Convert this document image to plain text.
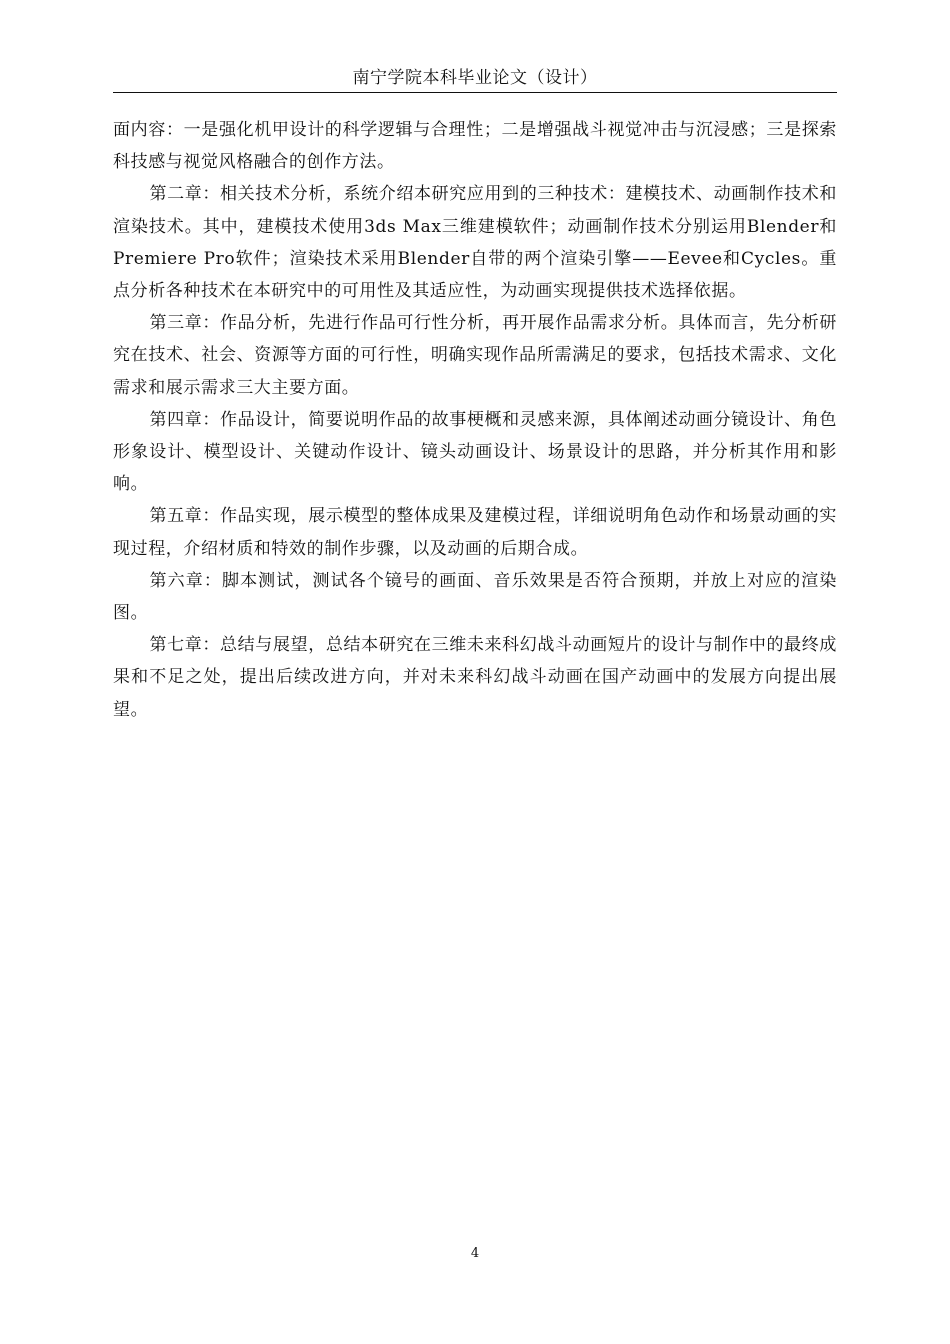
南宁学院本科毕业论文（设计）

面内容：一是强化机甲设计的科学逻辑与合理性；二是增强战斗视觉冲击与沉浸感；三是探索科技感与视觉风格融合的创作方法。

第二章：相关技术分析，系统介绍本研究应用到的三种技术：建模技术、动画制作技术和渲染技术。其中，建模技术使用3ds Max三维建模软件；动画制作技术分别运用Blender和Premiere Pro软件；渲染技术采用Blender自带的两个渲染引擎——Eevee和Cycles。重点分析各种技术在本研究中的可用性及其适应性，为动画实现提供技术选择依据。

第三章：作品分析，先进行作品可行性分析，再开展作品需求分析。具体而言，先分析研究在技术、社会、资源等方面的可行性，明确实现作品所需满足的要求，包括技术需求、文化需求和展示需求三大主要方面。

第四章：作品设计，简要说明作品的故事梗概和灵感来源，具体阐述动画分镜设计、角色形象设计、模型设计、关键动作设计、镜头动画设计、场景设计的思路，并分析其作用和影响。

第五章：作品实现，展示模型的整体成果及建模过程，详细说明角色动作和场景动画的实现过程，介绍材质和特效的制作步骤，以及动画的后期合成。

第六章：脚本测试，测试各个镜号的画面、音乐效果是否符合预期，并放上对应的渲染图。

第七章：总结与展望，总结本研究在三维未来科幻战斗动画短片的设计与制作中的最终成果和不足之处，提出后续改进方向，并对未来科幻战斗动画在国产动画中的发展方向提出展望。

4
